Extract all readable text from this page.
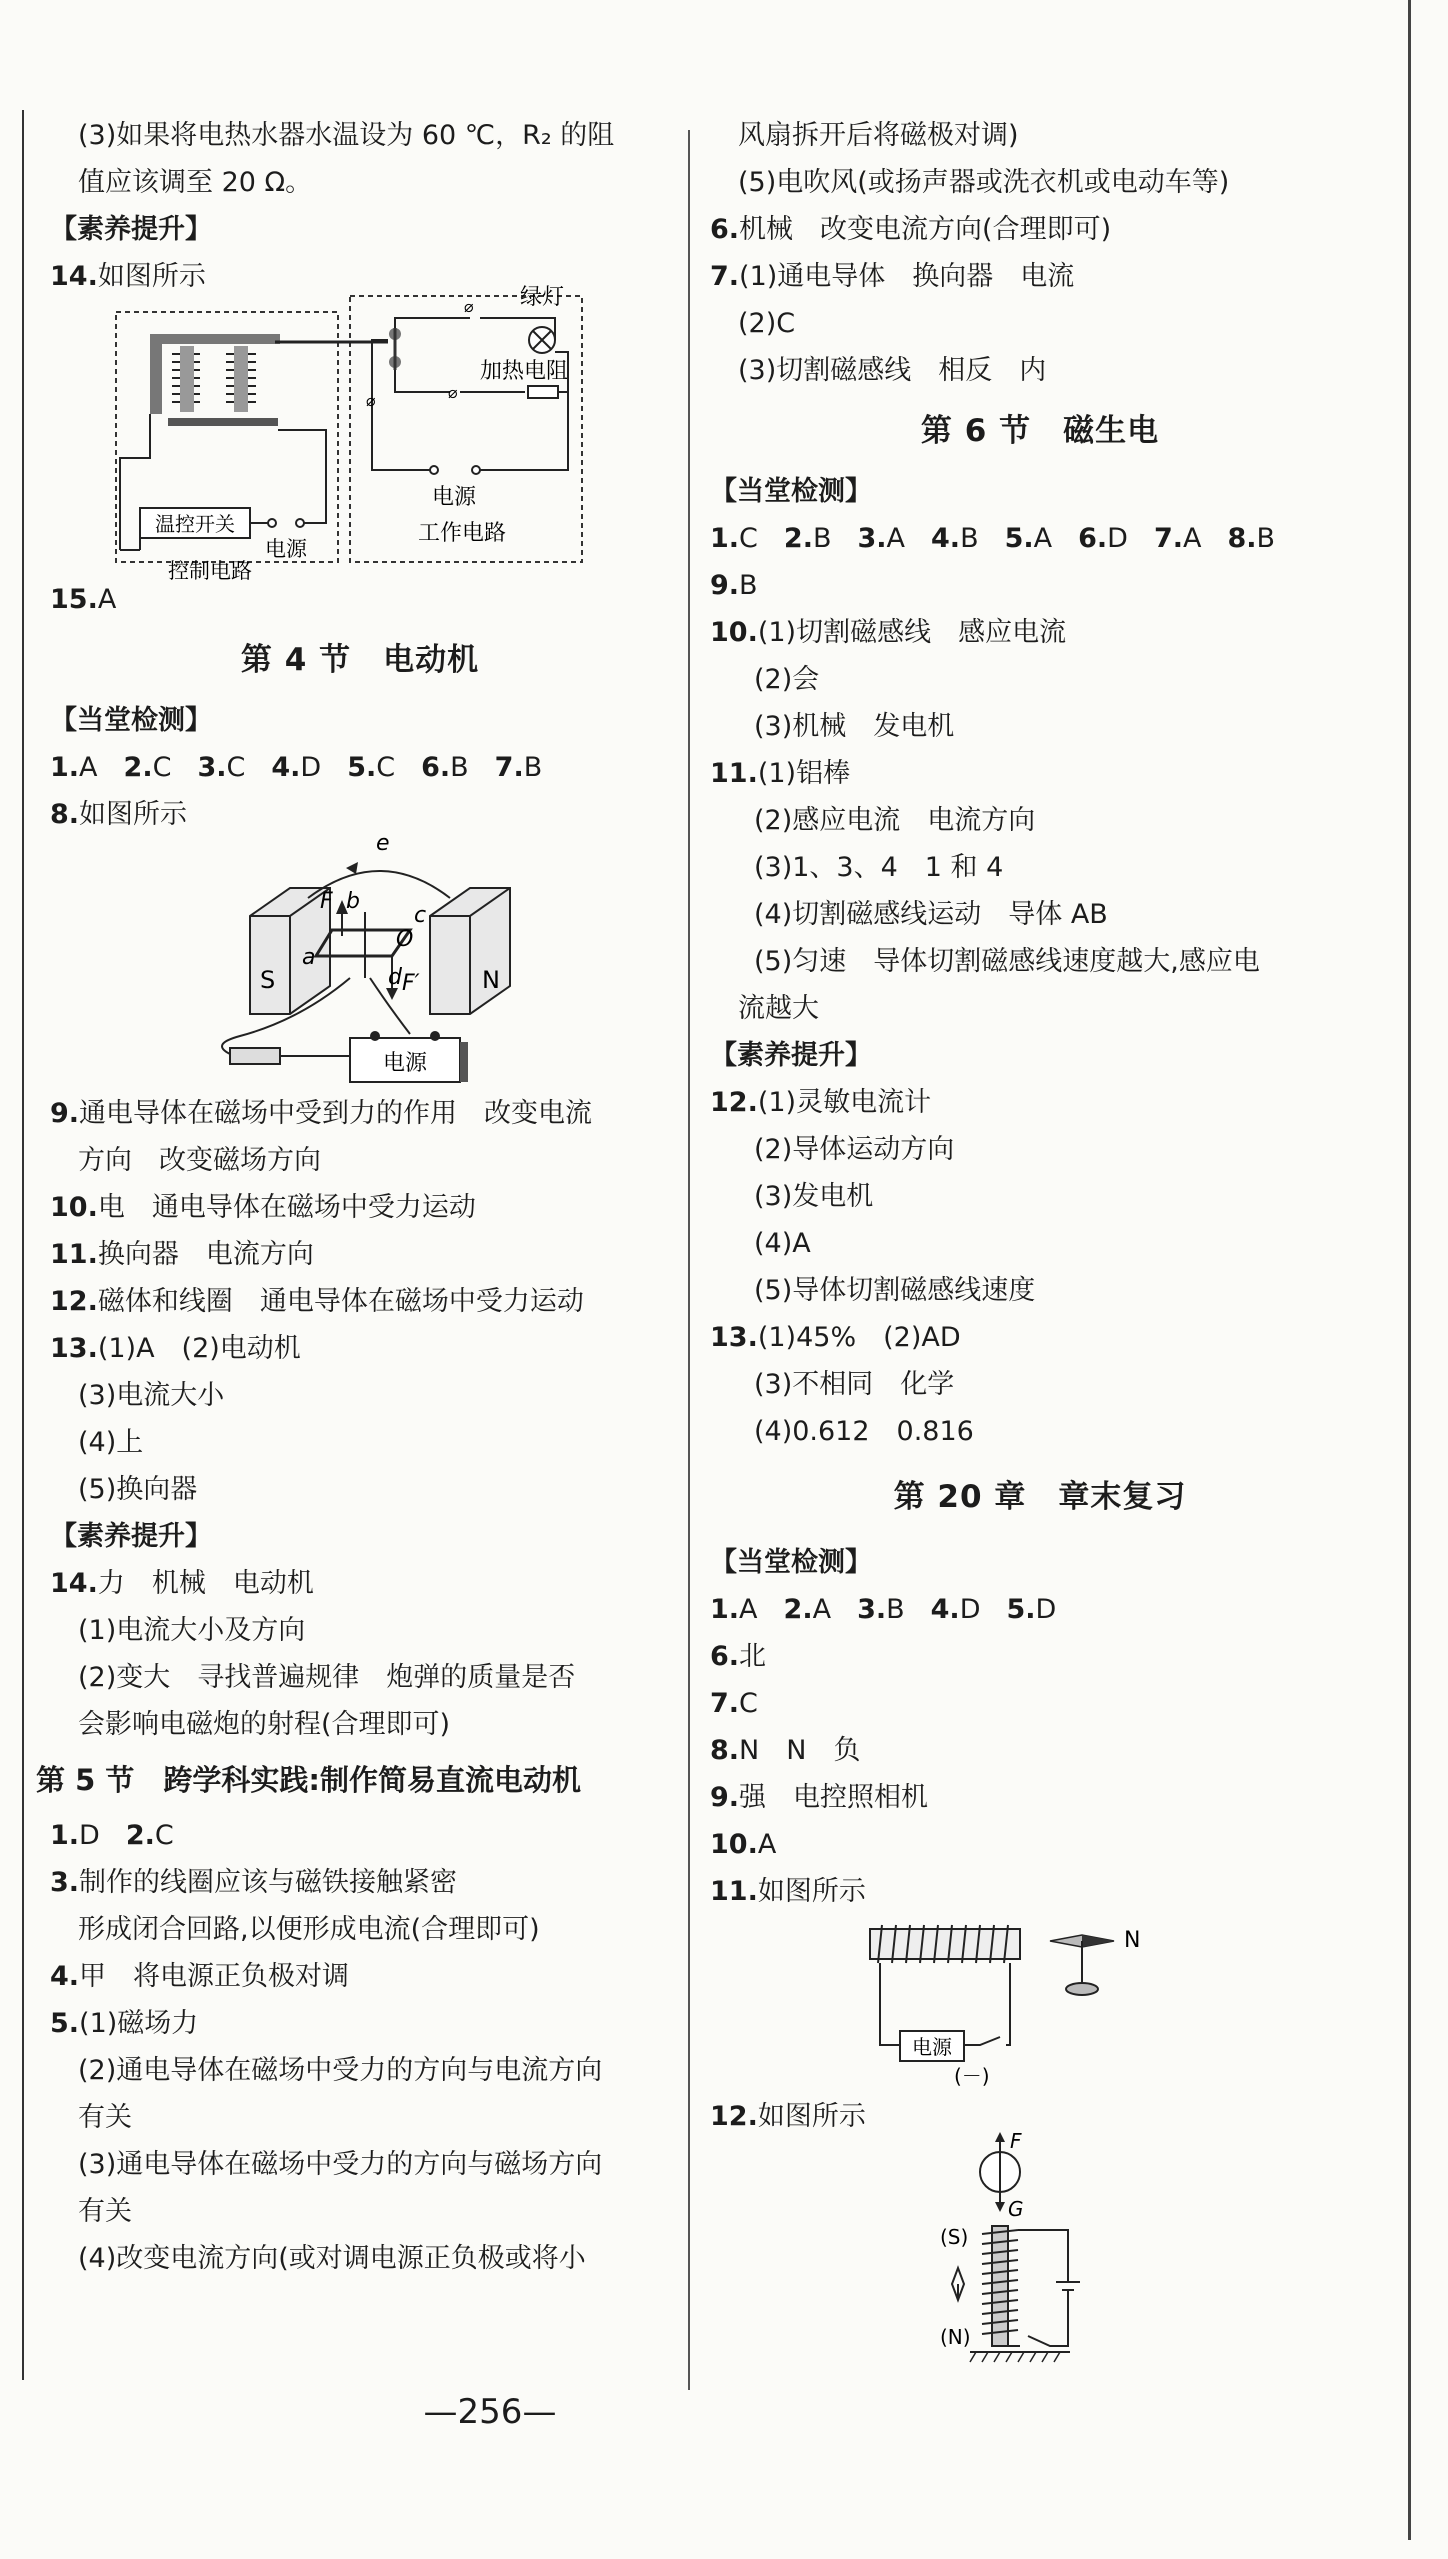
(3)如果将电热水器水温设为 60 ℃，R₂ 的阻
值应该调至 20 Ω。
【素养提升】
14.如图所示
温控开关
电源
控制电路
⌀ 绿灯
⌀
加热电阻
⌀
电源
工作电路
15.A
第 4 节　电动机
【当堂检测】
1.A 2.C 3.C 4.D 5.C 6.B 7.B
8.如图所示
S	N
e
F b
c
O
a
d F′
电源
9.通电导体在磁场中受到力的作用　改变电流
方向　改变磁场方向
10.电　通电导体在磁场中受力运动
11.换向器　电流方向
12.磁体和线圈　通电导体在磁场中受力运动
13.(1)A　(2)电动机
(3)电流大小
(4)上
(5)换向器
【素养提升】
14.力　机械　电动机
(1)电流大小及方向
(2)变大　寻找普遍规律　炮弹的质量是否
会影响电磁炮的射程(合理即可)
第 5 节　跨学科实践:制作简易直流电动机
1.D 2.C
3.制作的线圈应该与磁铁接触紧密
形成闭合回路,以便形成电流(合理即可)
4.甲　将电源正负极对调
5.(1)磁场力
(2)通电导体在磁场中受力的方向与电流方向
有关
(3)通电导体在磁场中受力的方向与磁场方向
有关
(4)改变电流方向(或对调电源正负极或将小
风扇拆开后将磁极对调)
(5)电吹风(或扬声器或洗衣机或电动车等)
6.机械　改变电流方向(合理即可)
7.(1)通电导体　换向器　电流
(2)C
(3)切割磁感线　相反　内
第 6 节　磁生电
【当堂检测】
1.C 2.B 3.A 4.B 5.A 6.D 7.A 8.B
9.B
10.(1)切割磁感线　感应电流
(2)会
(3)机械　发电机
11.(1)铝棒
(2)感应电流　电流方向
(3)1、3、4　1 和 4
(4)切割磁感线运动　导体 AB
(5)匀速　导体切割磁感线速度越大,感应电
流越大
【素养提升】
12.(1)灵敏电流计
(2)导体运动方向
(3)发电机
(4)A
(5)导体切割磁感线速度
13.(1)45%　(2)AD
(3)不相同　化学
(4)0.612　0.816
第 20 章　章末复习
【当堂检测】
1.A 2.A 3.B 4.D 5.D
6.北
7.C
8.N　N　负
9.强　电控照相机
10.A
11.如图所示
电源
(－)
N
12.如图所示
F
G
(S)
(N)
—256—
